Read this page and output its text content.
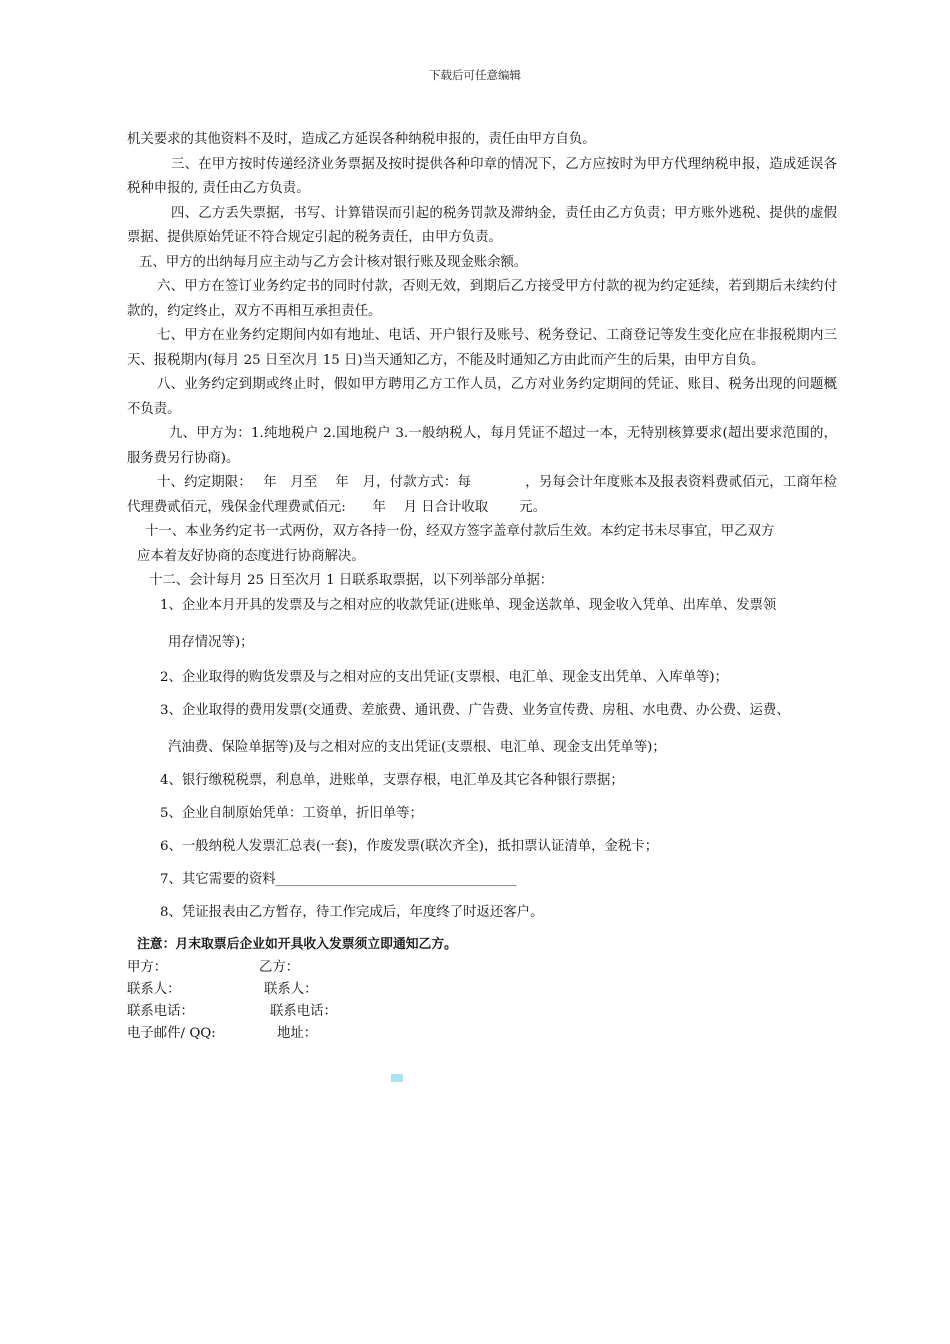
下载后可任意编辑

机关要求的其他资料不及时，造成乙方延误各种纳税申报的，责任由甲方自负。

三、在甲方按时传递经济业务票据及按时提供各种印章的情况下，乙方应按时为甲方代理纳税申报，造成延误各税种申报的, 责任由乙方负责。

四、乙方丢失票据，书写、计算错误而引起的税务罚款及滞纳金，责任由乙方负责；甲方账外逃税、提供的虚假票据、提供原始凭证不符合规定引起的税务责任，由甲方负责。

五、甲方的出纳每月应主动与乙方会计核对银行账及现金账余额。

六、甲方在签订业务约定书的同时付款，否则无效，到期后乙方接受甲方付款的视为约定延续，若到期后未续约付款的，约定终止，双方不再相互承担责任。

七、甲方在业务约定期间内如有地址、电话、开户银行及账号、税务登记、工商登记等发生变化应在非报税期内三天、报税期内(每月 25 日至次月 15 日)当天通知乙方，不能及时通知乙方由此而产生的后果，由甲方自负。

八、业务约定到期或终止时，假如甲方聘用乙方工作人员，乙方对业务约定期间的凭证、账目、税务出现的问题概不负责。

九、甲方为：1.纯地税户 2.国地税户 3.一般纳税人，每月凭证不超过一本，无特别核算要求(超出要求范围的，服务费另行协商)。

十、约定期限：　 年　月至　 年　月，付款方式：每　　　　，另每会计年度账本及报表资料费贰佰元，工商年检代理费贰佰元，残保金代理费贰佰元:　　年　 月 日合计收取　　 元。

十一、本业务约定书一式两份，双方各持一份，经双方签字盖章付款后生效。本约定书未尽事宜，甲乙双方

应本着友好协商的态度进行协商解决。

十二、会计每月 25 日至次月 1 日联系取票据，以下列举部分单据：

1、企业本月开具的发票及与之相对应的收款凭证(进账单、现金送款单、现金收入凭单、出库单、发票领
用存情况等)；
2、企业取得的购货发票及与之相对应的支出凭证(支票根、电汇单、现金支出凭单、入库单等)；
3、企业取得的费用发票(交通费、差旅费、通讯费、广告费、业务宣传费、房租、水电费、办公费、运费、
汽油费、保险单据等)及与之相对应的支出凭证(支票根、电汇单、现金支出凭单等)；
4、银行缴税税票，利息单，进账单，支票存根，电汇单及其它各种银行票据；
5、企业自制原始凭单：工资单，折旧单等；
6、一般纳税人发票汇总表(一套)，作废发票(联次齐全)，抵扣票认证清单，金税卡；
7、其它需要的资料____________________________________
8、凭证报表由乙方暂存，待工作完成后，年度终了时返还客户。
注意：月末取票后企业如开具收入发票须立即通知乙方。
甲方：	乙方：
联系人：	联系人：
联系电话：	联系电话：
电子邮件/ QQ:	地址：
